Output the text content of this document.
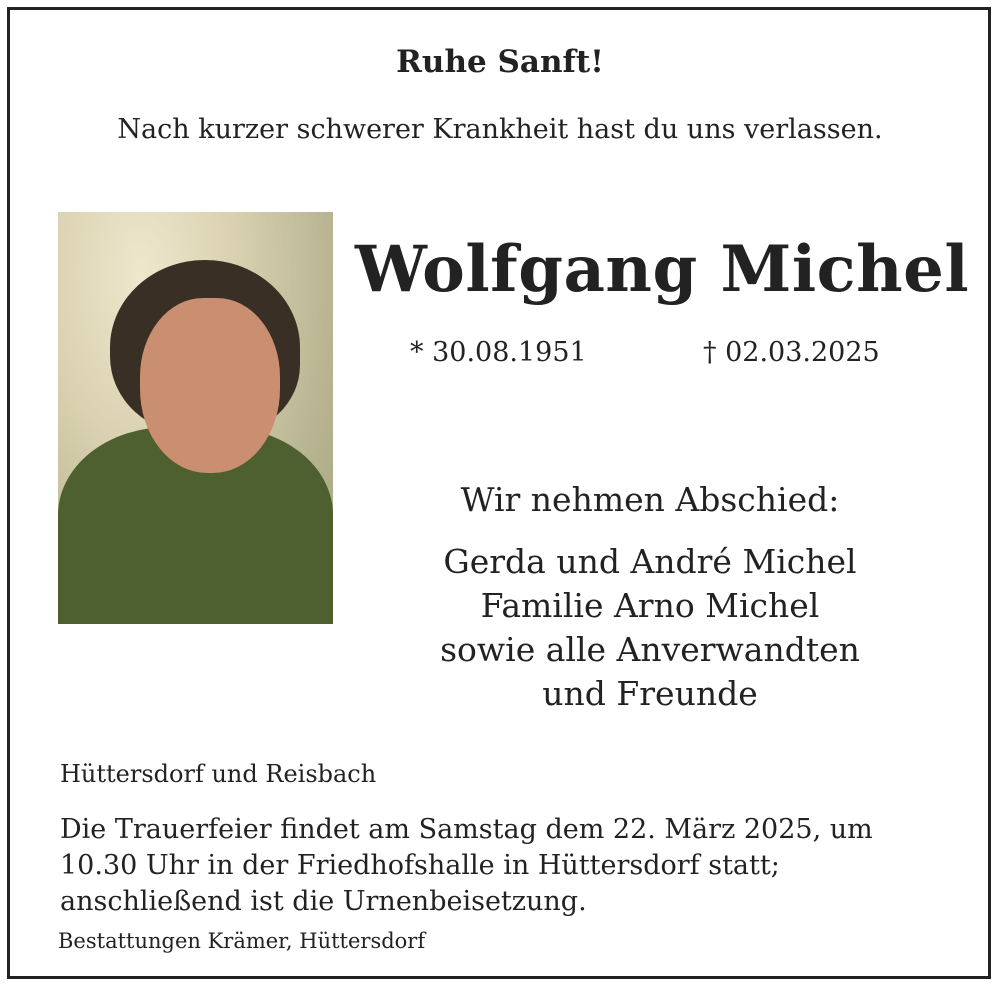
Ruhe Sanft!
Nach kurzer schwerer Krankheit hast du uns verlassen.
Wolfgang Michel
* 30.08.1951	† 02.03.2025
Wir nehmen Abschied:
Gerda und André Michel
Familie Arno Michel
sowie alle Anverwandten
und Freunde
Hüttersdorf und Reisbach
Die Trauerfeier findet am Samstag dem 22. März 2025, um
10.30 Uhr in der Friedhofshalle in Hüttersdorf statt;
anschließend ist die Urnenbeisetzung.
Bestattungen Krämer, Hüttersdorf
